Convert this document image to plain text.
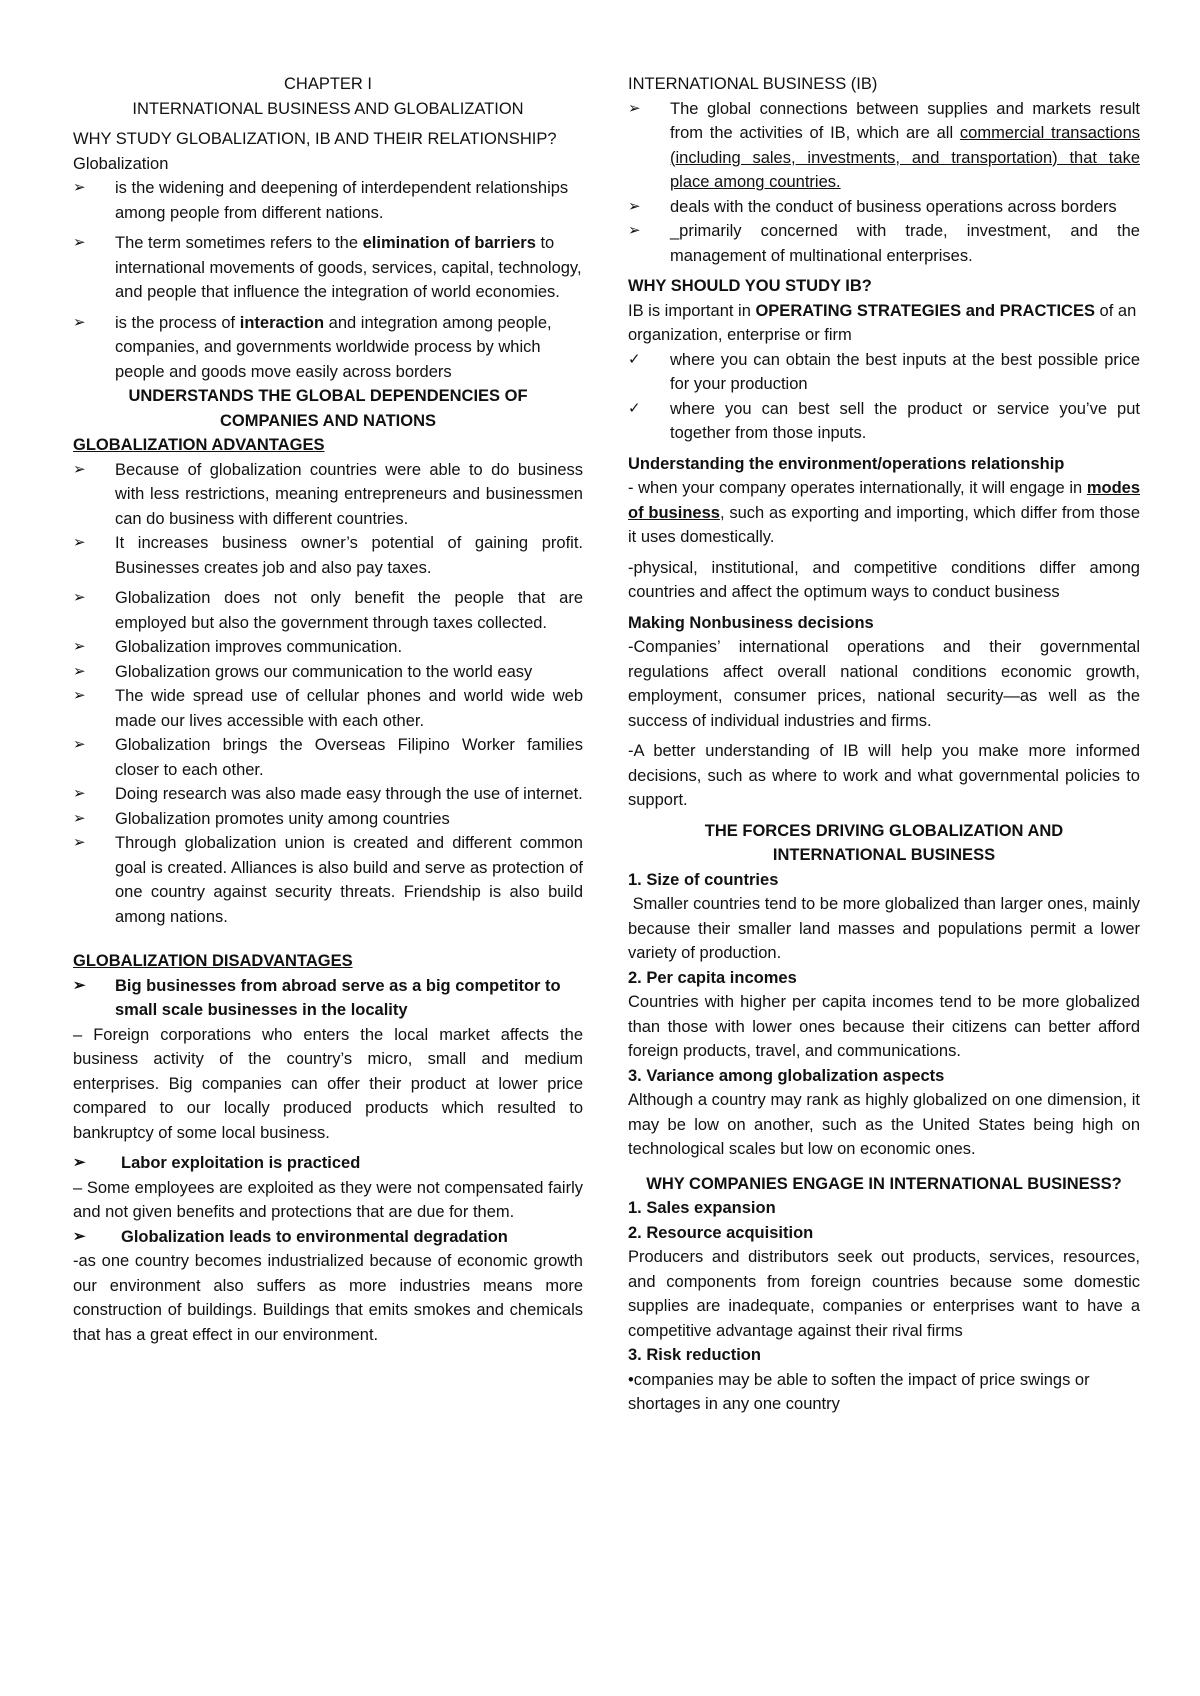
CHAPTER I

INTERNATIONAL BUSINESS AND GLOBALIZATION

WHY STUDY GLOBALIZATION, IB AND THEIR RELATIONSHIP?

Globalization

➢	is the widening and deepening of interdependent relationships among people from different nations.
➢	The term sometimes refers to the elimination of barriers to international movements of goods, services, capital, technology, and people that influence the integration of world economies.
➢	is the process of interaction and integration among people, companies, and governments worldwide process by which people and goods move easily across borders

UNDERSTANDS THE GLOBAL DEPENDENCIES OF COMPANIES AND NATIONS

GLOBALIZATION ADVANTAGES

➢	Because of globalization countries were able to do business with less restrictions, meaning entrepreneurs and businessmen can do business with different countries.
➢	It increases business owner’s potential of gaining profit. Businesses creates job and also pay taxes.
➢	Globalization does not only benefit the people that are employed but also the government through taxes collected.
➢	Globalization improves communication.
➢	Globalization grows our communication to the world easy
➢	The wide spread use of cellular phones and world wide web made our lives accessible with each other.
➢	Globalization brings the Overseas Filipino Worker families closer to each other.
➢	Doing research was also made easy through the use of internet.
➢	Globalization promotes unity among countries
➢	Through globalization union is created and different common goal is created. Alliances is also build and serve as protection of one country against security threats. Friendship is also build among nations.

GLOBALIZATION DISADVANTAGES

➢	Big businesses from abroad serve as a big competitor to small scale businesses in the locality

– Foreign corporations who enters the local market affects the business activity of the country’s micro, small and medium enterprises. Big companies can offer their product at lower price compared to our locally produced products which resulted to bankruptcy of some local business.

➢	Labor exploitation is practiced

– Some employees are exploited as they were not compensated fairly and not given benefits and protections that are due for them.

➢	Globalization leads to environmental degradation

-as one country becomes industrialized because of economic growth our environment also suffers as more industries means more construction of buildings. Buildings that emits smokes and chemicals that has a great effect in our environment.

INTERNATIONAL BUSINESS (IB)

➢	The global connections between supplies and markets result from the activities of IB, which are all commercial transactions (including sales, investments, and transportation) that take place among countries.
➢	deals with the conduct of business operations across borders
➢	_primarily concerned with trade, investment, and the management of multinational enterprises.

WHY SHOULD YOU STUDY IB?

IB is important in OPERATING STRATEGIES and PRACTICES of an organization, enterprise or firm

✓	where you can obtain the best inputs at the best possible price for your production
✓	where you can best sell the product or service you’ve put together from those inputs.

Understanding the environment/operations relationship

- when your company operates internationally, it will engage in modes of business, such as exporting and importing, which differ from those it uses domestically.

-physical, institutional, and competitive conditions differ among countries and affect the optimum ways to conduct business

Making Nonbusiness decisions

-Companies’ international operations and their governmental regulations affect overall national conditions economic growth, employment, consumer prices, national security—as well as the success of individual industries and firms.

-A better understanding of IB will help you make more informed decisions, such as where to work and what governmental policies to support.

THE FORCES DRIVING GLOBALIZATION AND INTERNATIONAL BUSINESS

1. Size of countries

Smaller countries tend to be more globalized than larger ones, mainly because their smaller land masses and populations permit a lower variety of production.

2. Per capita incomes

Countries with higher per capita incomes tend to be more globalized than those with lower ones because their citizens can better afford foreign products, travel, and communications.

3. Variance among globalization aspects

Although a country may rank as highly globalized on one dimension, it may be low on another, such as the United States being high on technological scales but low on economic ones.

WHY COMPANIES ENGAGE IN INTERNATIONAL BUSINESS?

1. Sales expansion

2. Resource acquisition

Producers and distributors seek out products, services, resources, and components from foreign countries because some domestic supplies are inadequate, companies or enterprises want to have a competitive advantage against their rival firms

3. Risk reduction

•companies may be able to soften the impact of price swings or shortages in any one country
